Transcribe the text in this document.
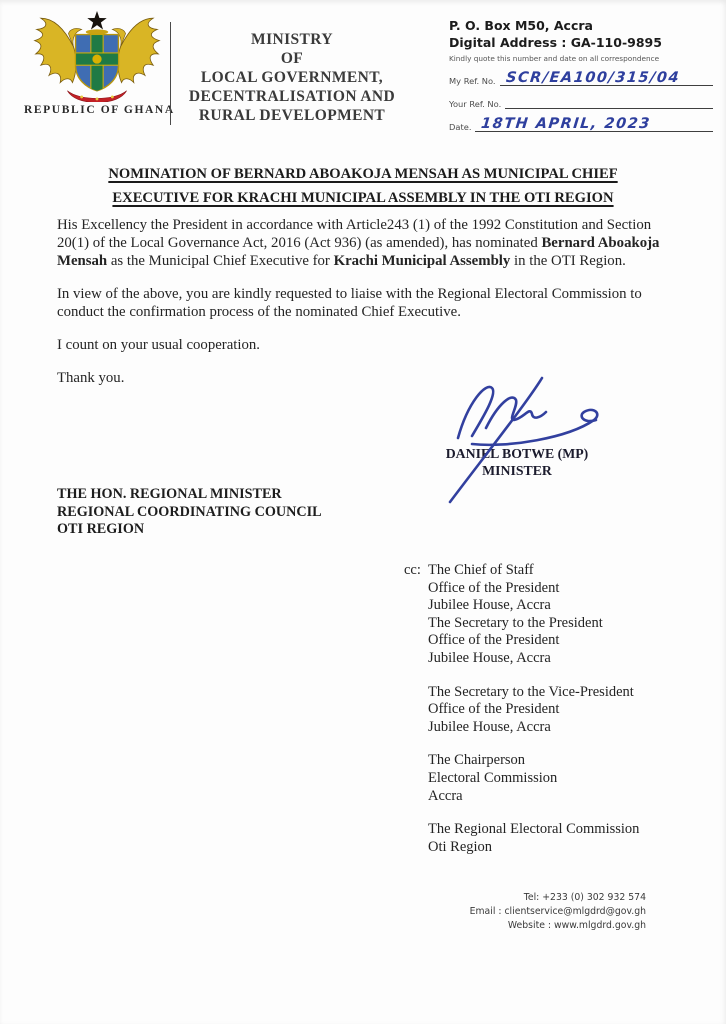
REPUBLIC OF GHANA
MINISTRY
OF
LOCAL GOVERNMENT,
DECENTRALISATION AND
RURAL DEVELOPMENT
P. O. Box M50, Accra
Digital Address : GA-110-9895
Kindly quote this number and date on all correspondence
My Ref. No. SCR/EA100/315/04
Your Ref. No.
Date. 18TH APRIL, 2023
NOMINATION OF BERNARD ABOAKOJA MENSAH AS MUNICIPAL CHIEF
EXECUTIVE FOR KRACHI MUNICIPAL ASSEMBLY IN THE OTI REGION

His Excellency the President in accordance with Article243 (1) of the 1992 Constitution and Section 20(1) of the Local Governance Act, 2016 (Act 936) (as amended), has nominated Bernard Aboakoja Mensah as the Municipal Chief Executive for Krachi Municipal Assembly in the OTI Region.

In view of the above, you are kindly requested to liaise with the Regional Electoral Commission to conduct the confirmation process of the nominated Chief Executive.

I count on your usual cooperation.

Thank you.

DANIEL BOTWE (MP)
MINISTER
THE HON. REGIONAL MINISTER
REGIONAL COORDINATING COUNCIL
OTI REGION
cc: The Chief of Staff
Office of the President
Jubilee House, Accra
The Secretary to the President
Office of the President
Jubilee House, Accra
The Secretary to the Vice-President
Office of the President
Jubilee House, Accra
The Chairperson
Electoral Commission
Accra
The Regional Electoral Commission
Oti Region
Tel: +233 (0) 302 932 574
Email : clientservice@mlgdrd@gov.gh
Website : www.mlgdrd.gov.gh
